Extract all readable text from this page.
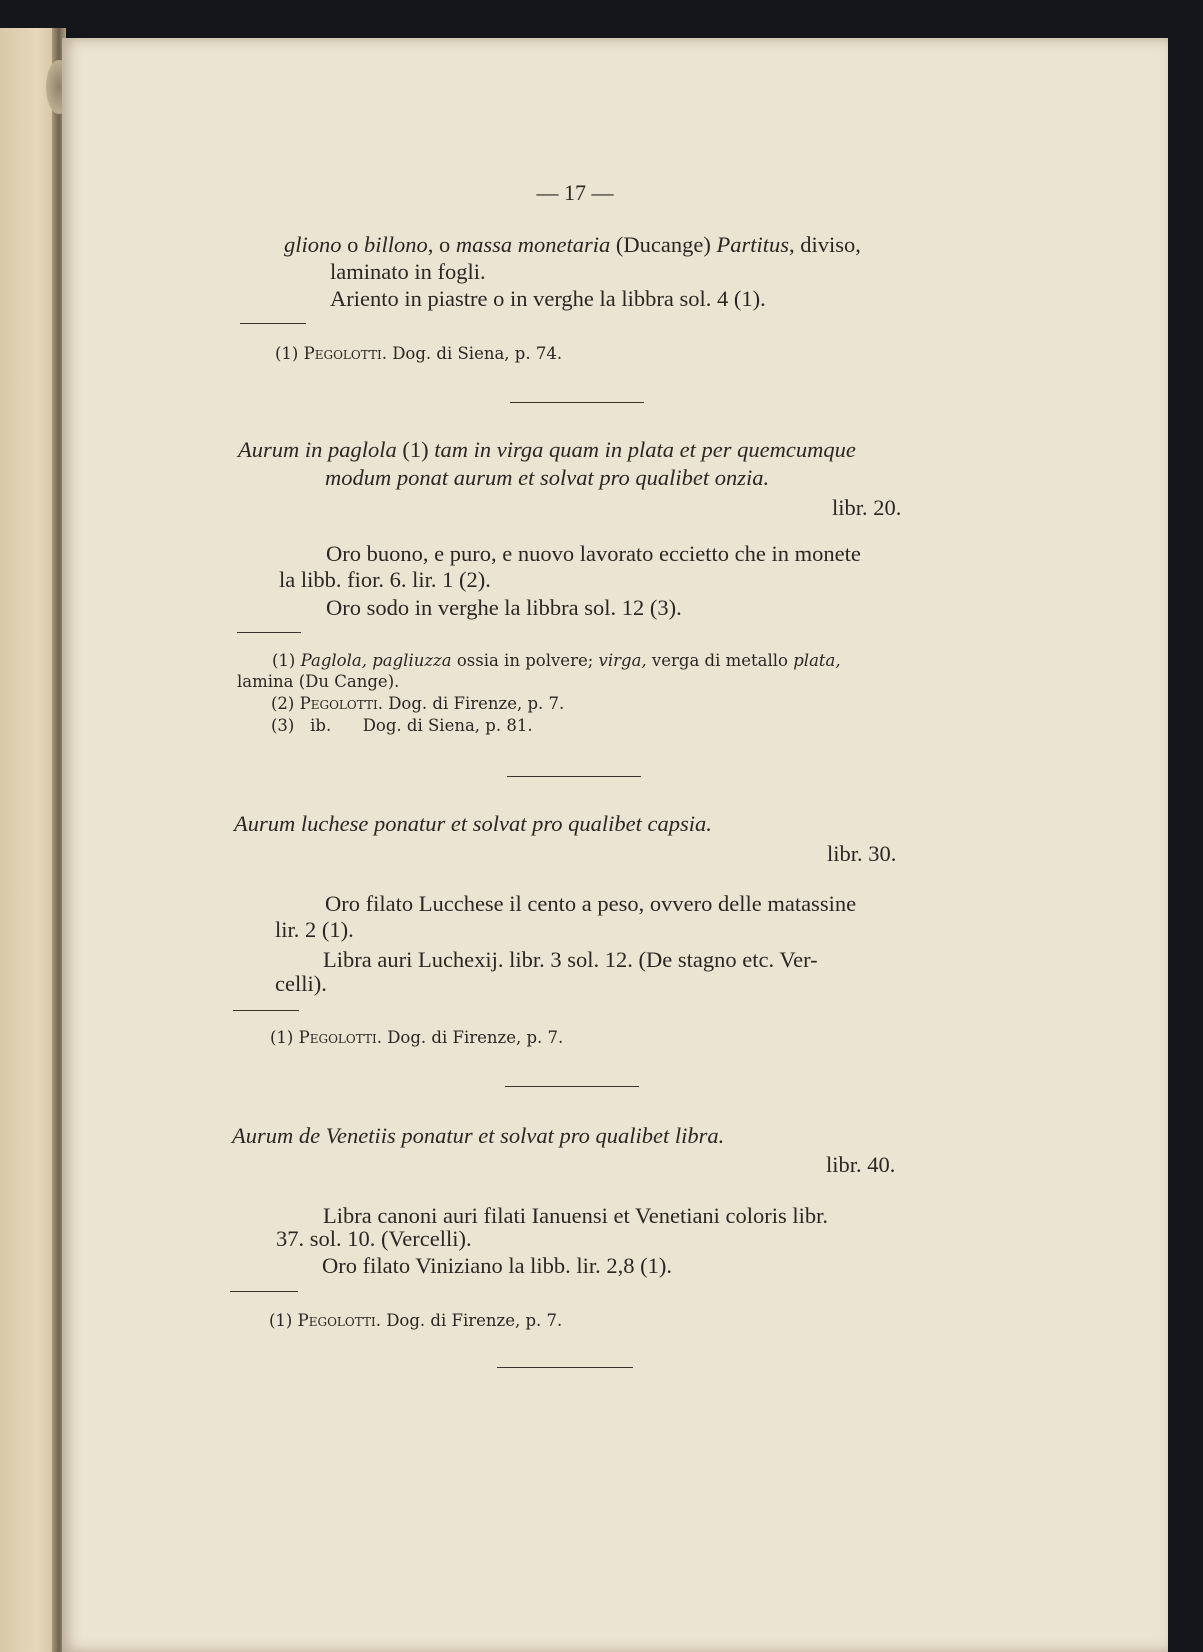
— 17 —
gliono o billono, o massa monetaria (Ducange) Partitus, diviso,
laminato in fogli.
Ariento in piastre o in verghe la libbra sol. 4 (1).
(1) Pegolotti. Dog. di Siena, p. 74.
Aurum in paglola (1) tam in virga quam in plata et per quemcumque
modum ponat aurum et solvat pro qualibet onzia.
libr. 20.
Oro buono, e puro, e nuovo lavorato eccietto che in monete
la libb. fior. 6. lir. 1 (2).
Oro sodo in verghe la libbra sol. 12 (3).
(1) Paglola, pagliuzza ossia in polvere; virga, verga di metallo plata,
lamina (Du Cange).
(2) Pegolotti. Dog. di Firenze, p. 7.
(3) ib. Dog. di Siena, p. 81.
Aurum luchese ponatur et solvat pro qualibet capsia.
libr. 30.
Oro filato Lucchese il cento a peso, ovvero delle matassine
lir. 2 (1).
Libra auri Luchexij. libr. 3 sol. 12. (De stagno etc. Ver-
celli).
(1) Pegolotti. Dog. di Firenze, p. 7.
Aurum de Venetiis ponatur et solvat pro qualibet libra.
libr. 40.
Libra canoni auri filati Ianuensi et Venetiani coloris libr.
37. sol. 10. (Vercelli).
Oro filato Viniziano la libb. lir. 2,8 (1).
(1) Pegolotti. Dog. di Firenze, p. 7.
